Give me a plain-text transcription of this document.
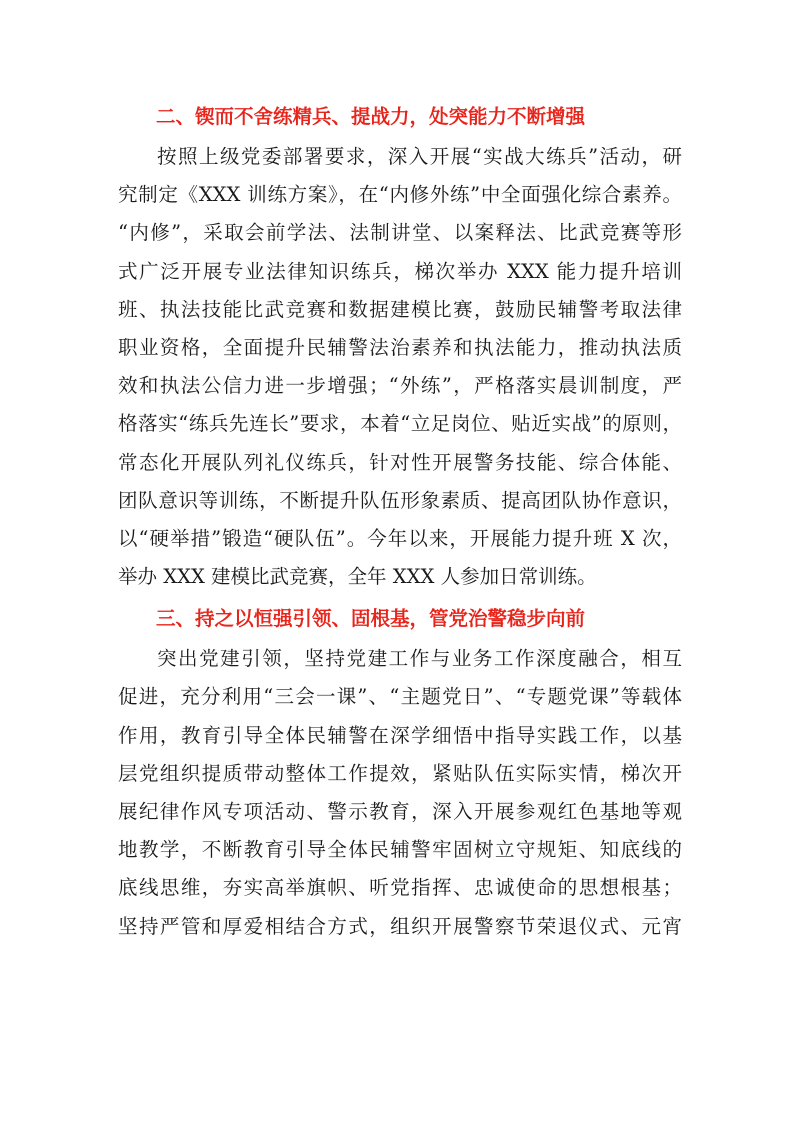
二、锲而不舍练精兵、提战力，处突能力不断增强
按照上级党委部署要求，深入开展“实战大练兵”活动，研
究制定《XXX 训练方案》，在“内修外练”中全面强化综合素养。
“内修”，采取会前学法、法制讲堂、以案释法、比武竞赛等形
式广泛开展专业法律知识练兵，梯次举办 XXX 能力提升培训
班、执法技能比武竞赛和数据建模比赛，鼓励民辅警考取法律
职业资格，全面提升民辅警法治素养和执法能力，推动执法质
效和执法公信力进一步增强；“外练”，严格落实晨训制度，严
格落实“练兵先连长”要求，本着“立足岗位、贴近实战”的原则，
常态化开展队列礼仪练兵，针对性开展警务技能、综合体能、
团队意识等训练，不断提升队伍形象素质、提高团队协作意识，
以“硬举措”锻造“硬队伍”。今年以来，开展能力提升班 X 次，
举办 XXX 建模比武竞赛，全年 XXX 人参加日常训练。
三、持之以恒强引领、固根基，管党治警稳步向前
突出党建引领，坚持党建工作与业务工作深度融合，相互
促进，充分利用“三会一课”、“主题党日”、“专题党课”等载体
作用，教育引导全体民辅警在深学细悟中指导实践工作，以基
层党组织提质带动整体工作提效，紧贴队伍实际实情，梯次开
展纪律作风专项活动、警示教育，深入开展参观红色基地等观
地教学，不断教育引导全体民辅警牢固树立守规矩、知底线的
底线思维，夯实高举旗帜、听党指挥、忠诚使命的思想根基；
坚持严管和厚爱相结合方式，组织开展警察节荣退仪式、元宵
